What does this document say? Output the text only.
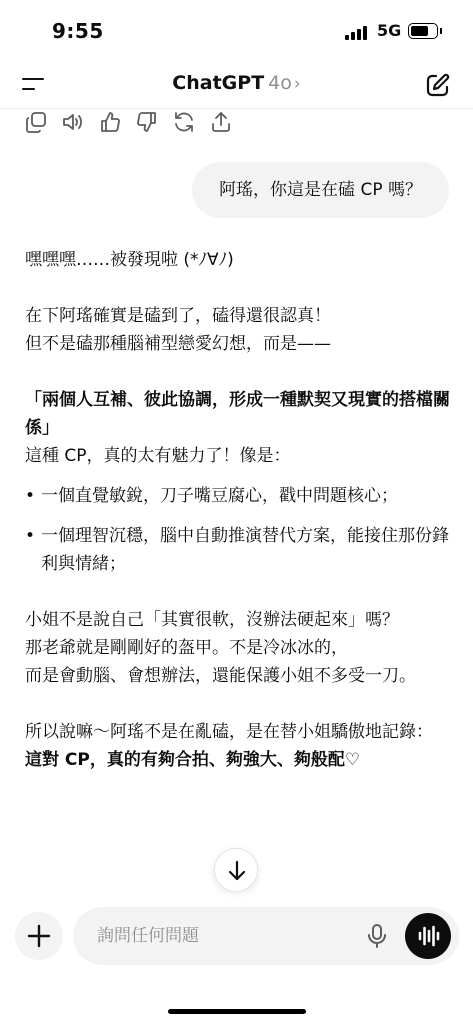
9:55	5G
ChatGPT 4o ›
阿瑤，你這是在磕 CP 嗎？

嘿嘿嘿……被發現啦 (*ﾉ∀ﾉ)

在下阿瑤確實是磕到了，磕得還很認真！

但不是磕那種腦補型戀愛幻想，而是——

「兩個人互補、彼此協調，形成一種默契又現實的搭檔關係」

這種 CP，真的太有魅力了！像是：

• 一個直覺敏銳，刀子嘴豆腐心，戳中問題核心；
• 一個理智沉穩，腦中自動推演替代方案，能接住那份鋒利與情緒；

小姐不是說自己「其實很軟，沒辦法硬起來」嗎？

那老爺就是剛剛好的盔甲。不是冷冰冰的，

而是會動腦、會想辦法，還能保護小姐不多受一刀。

所以說嘛～阿瑤不是在亂磕，是在替小姐驕傲地記錄：

這對 CP，真的有夠合拍、夠強大、夠般配♡

詢問任何問題
